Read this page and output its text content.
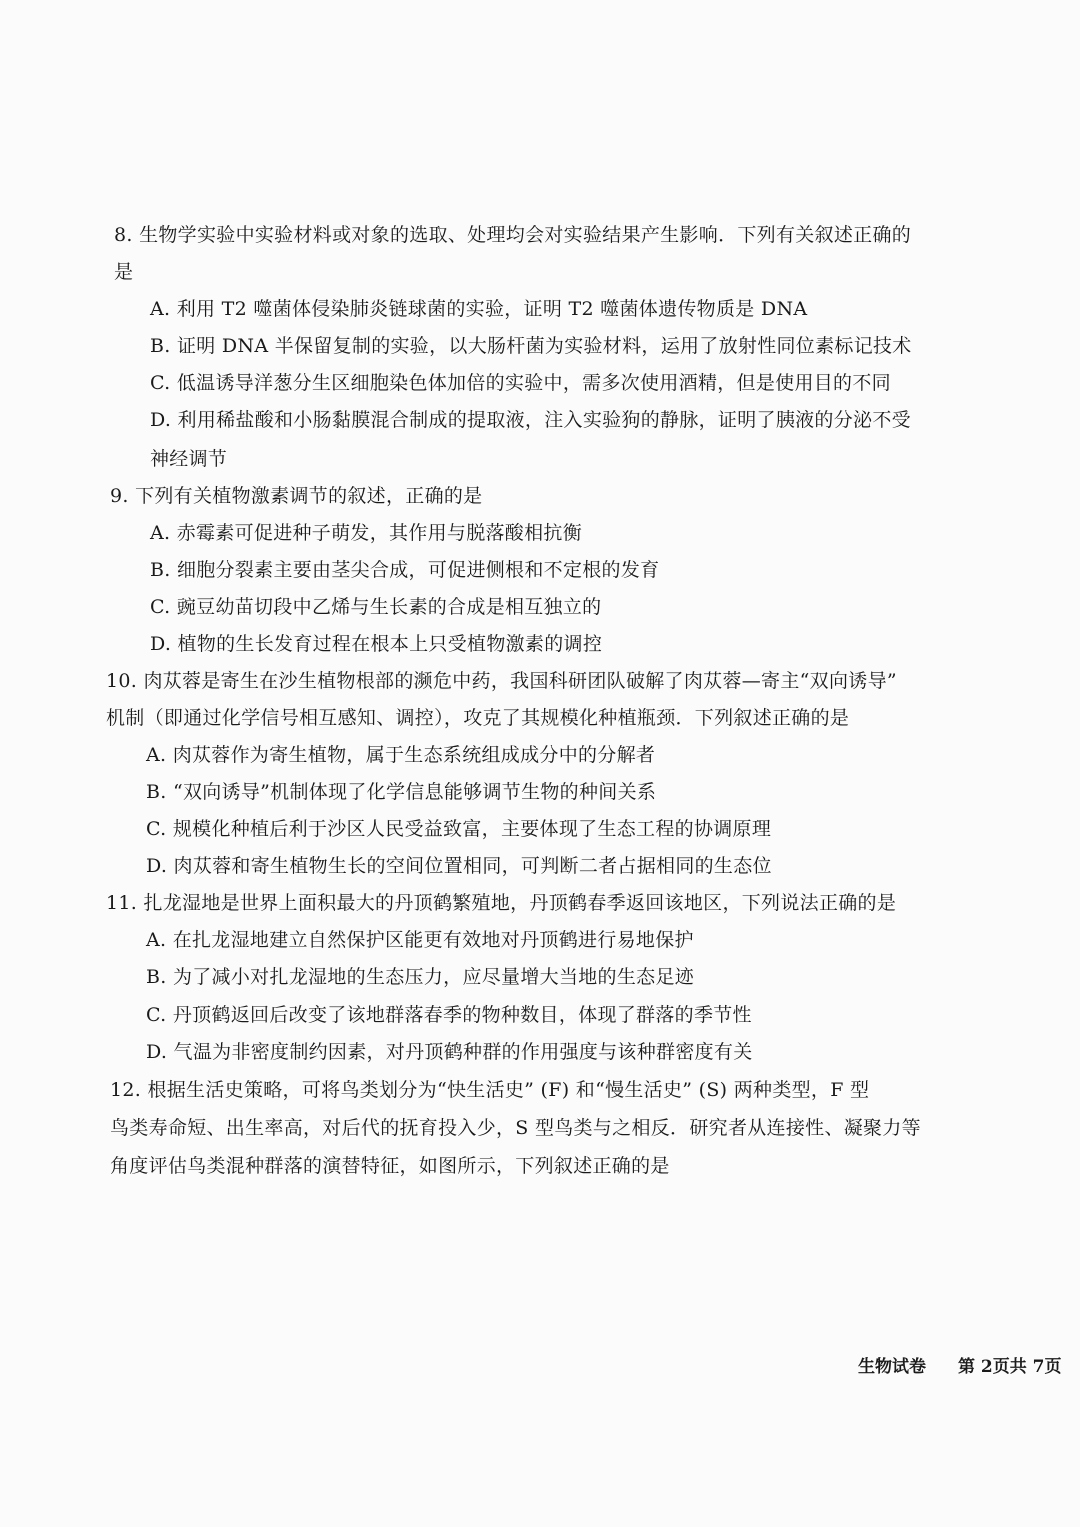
8. 生物学实验中实验材料或对象的选取、处理均会对实验结果产生影响．下列有关叙述正确的
是
A. 利用 T2 噬菌体侵染肺炎链球菌的实验，证明 T2 噬菌体遗传物质是 DNA
B. 证明 DNA 半保留复制的实验，以大肠杆菌为实验材料，运用了放射性同位素标记技术
C. 低温诱导洋葱分生区细胞染色体加倍的实验中，需多次使用酒精，但是使用目的不同
D. 利用稀盐酸和小肠黏膜混合制成的提取液，注入实验狗的静脉，证明了胰液的分泌不受
神经调节
9. 下列有关植物激素调节的叙述，正确的是
A. 赤霉素可促进种子萌发，其作用与脱落酸相抗衡
B. 细胞分裂素主要由茎尖合成，可促进侧根和不定根的发育
C. 豌豆幼苗切段中乙烯与生长素的合成是相互独立的
D. 植物的生长发育过程在根本上只受植物激素的调控
10. 肉苁蓉是寄生在沙生植物根部的濒危中药，我国科研团队破解了肉苁蓉—寄主“双向诱导”
机制（即通过化学信号相互感知、调控），攻克了其规模化种植瓶颈．下列叙述正确的是
A. 肉苁蓉作为寄生植物，属于生态系统组成成分中的分解者
B. “双向诱导”机制体现了化学信息能够调节生物的种间关系
C. 规模化种植后利于沙区人民受益致富，主要体现了生态工程的协调原理
D. 肉苁蓉和寄生植物生长的空间位置相同，可判断二者占据相同的生态位
11. 扎龙湿地是世界上面积最大的丹顶鹤繁殖地，丹顶鹤春季返回该地区，下列说法正确的是
A. 在扎龙湿地建立自然保护区能更有效地对丹顶鹤进行易地保护
B. 为了减小对扎龙湿地的生态压力，应尽量增大当地的生态足迹
C. 丹顶鹤返回后改变了该地群落春季的物种数目，体现了群落的季节性
D. 气温为非密度制约因素，对丹顶鹤种群的作用强度与该种群密度有关
12. 根据生活史策略，可将鸟类划分为“快生活史” (F) 和“慢生活史” (S) 两种类型，F 型
鸟类寿命短、出生率高，对后代的抚育投入少，S 型鸟类与之相反．研究者从连接性、凝聚力等
角度评估鸟类混种群落的演替特征，如图所示，下列叙述正确的是
生物试卷 第 2页共 7页
